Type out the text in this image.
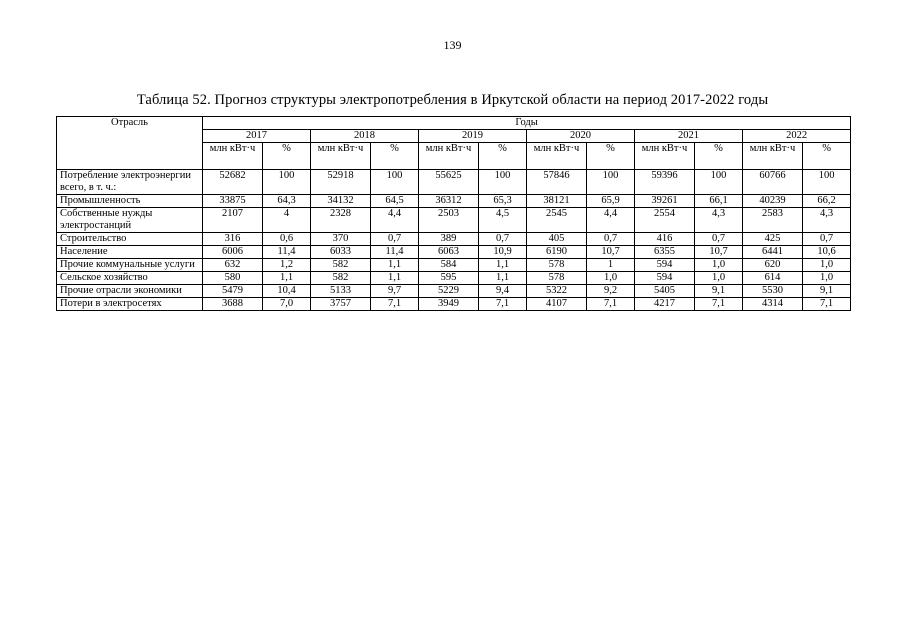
139
Таблица 52. Прогноз структуры электропотребления в Иркутской области на период 2017-2022 годы
Отрасль	Годы											
	2017		2018		2019		2020		2021		2022	
	млн кВт·ч	%	млн кВт·ч	%	млн кВт·ч	%	млн кВт·ч	%	млн кВт·ч	%	млн кВт·ч	%
Потребление электроэнергии всего, в т. ч.:	52682	100	52918	100	55625	100	57846	100	59396	100	60766	100
Промышленность	33875	64,3	34132	64,5	36312	65,3	38121	65,9	39261	66,1	40239	66,2
Собственные нужды электростанций	2107	4	2328	4,4	2503	4,5	2545	4,4	2554	4,3	2583	4,3
Строительство	316	0,6	370	0,7	389	0,7	405	0,7	416	0,7	425	0,7
Население	6006	11,4	6033	11,4	6063	10,9	6190	10,7	6355	10,7	6441	10,6
Прочие коммунальные услуги	632	1,2	582	1,1	584	1,1	578	1	594	1,0	620	1,0
Сельское хозяйство	580	1,1	582	1,1	595	1,1	578	1,0	594	1,0	614	1,0
Прочие отрасли экономики	5479	10,4	5133	9,7	5229	9,4	5322	9,2	5405	9,1	5530	9,1
Потери в электросетях	3688	7,0	3757	7,1	3949	7,1	4107	7,1	4217	7,1	4314	7,1
